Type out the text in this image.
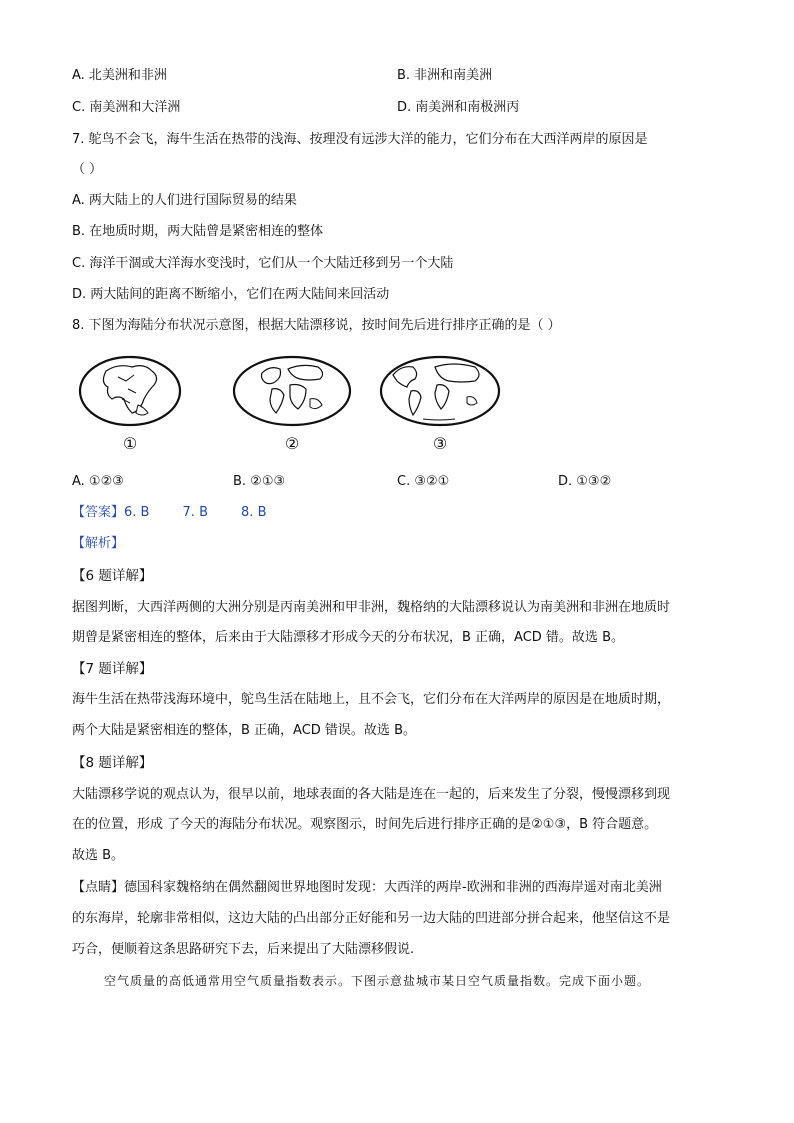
A. 北美洲和非洲	B. 非洲和南美洲
C. 南美洲和大洋洲	D. 南美洲和南极洲丙
7. 鸵鸟不会飞，海牛生活在热带的浅海、按理没有远涉大洋的能力，它们分布在大西洋两岸的原因是
（ ）
A. 两大陆上的人们进行国际贸易的结果
B. 在地质时期，两大陆曾是紧密相连的整体
C. 海洋干涸或大洋海水变浅时，它们从一个大陆迁移到另一个大陆
D. 两大陆间的距离不断缩小，它们在两大陆间来回活动
8. 下图为海陆分布状况示意图，根据大陆漂移说，按时间先后进行排序正确的是（ ）
①	②	③
A. ①②③	B. ②①③	C. ③②①	D. ①③②
【答案】6. B        7. B        8. B
【解析】
【6 题详解】
据图判断，大西洋两侧的大洲分别是丙南美洲和甲非洲，魏格纳的大陆漂移说认为南美洲和非洲在地质时
期曾是紧密相连的整体，后来由于大陆漂移才形成今天的分布状况，B 正确，ACD 错。故选 B。
【7 题详解】
海牛生活在热带浅海环境中，鸵鸟生活在陆地上，且不会飞，它们分布在大洋两岸的原因是在地质时期，
两个大陆是紧密相连的整体，B 正确，ACD 错误。故选 B。
【8 题详解】
大陆漂移学说的观点认为，很早以前，地球表面的各大陆是连在一起的，后来发生了分裂，慢慢漂移到现
在的位置，形成 了今天的海陆分布状况。观察图示，时间先后进行排序正确的是②①③，B 符合题意。
故选 B。
【点睛】德国科家魏格纳在偶然翻阅世界地图时发现：大西洋的两岸-欧洲和非洲的西海岸遥对南北美洲
的东海岸，轮廓非常相似，这边大陆的凸出部分正好能和另一边大陆的凹进部分拼合起来，他坚信这不是
巧合，便顺着这条思路研究下去，后来提出了大陆漂移假说.
空气质量的高低通常用空气质量指数表示。下图示意盐城市某日空气质量指数。完成下面小题。
